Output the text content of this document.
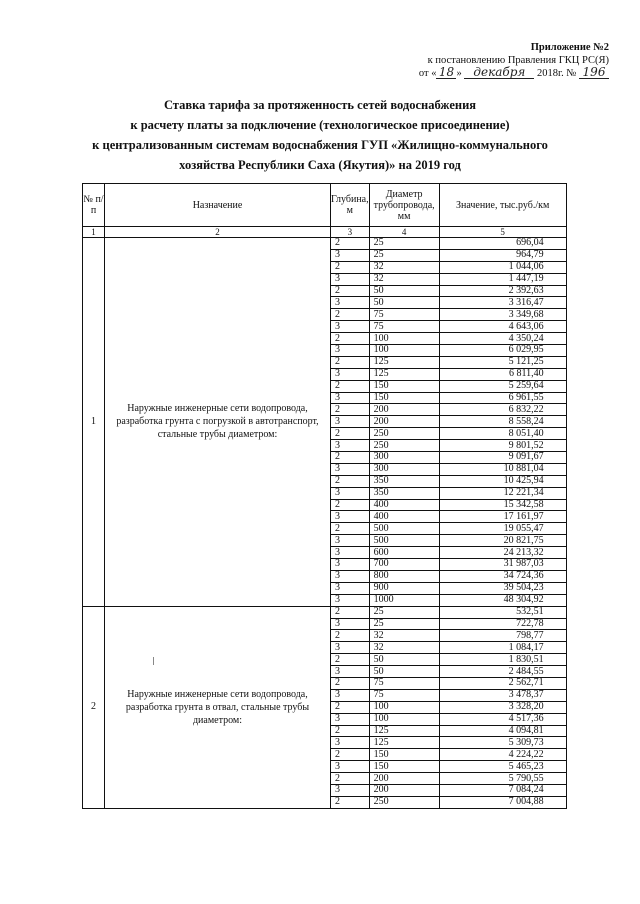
Приложение №2
к постановлению Правления ГКЦ РС(Я)
от « 18 » декабря 2018г. № 196
Ставка тарифа за протяженность сетей водоснабжения
к расчету платы за подключение (технологическое присоединение)
к централизованным системам водоснабжения ГУП «Жилищно-коммунального
хозяйства Республики Саха (Якутия)» на 2019 год
№ п/п	Назначение	Глубина, м	Диаметр трубопровода, мм	Значение, тыс.руб./км
1	2	3	4	5
1	Наружные инженерные сети водопровода, разработка грунта с погрузкой в автотранспорт, стальные трубы диаметром:	2	25	696,04
		3	25	964,79
		2	32	1 044,06
		3	32	1 447,19
		2	50	2 392,63
		3	50	3 316,47
		2	75	3 349,68
		3	75	4 643,06
		2	100	4 350,24
		3	100	6 029,95
		2	125	5 121,25
		3	125	6 811,40
		2	150	5 259,64
		3	150	6 961,55
		2	200	6 832,22
		3	200	8 558,24
		2	250	8 051,40
		3	250	9 801,52
		2	300	9 091,67
		3	300	10 881,04
		2	350	10 425,94
		3	350	12 221,34
		2	400	15 342,58
		3	400	17 161,97
		2	500	19 055,47
		3	500	20 821,75
		3	600	24 213,32
		3	700	31 987,03
		3	800	34 724,36
		3	900	39 504,23
		3	1000	48 304,92
2	Наружные инженерные сети водопровода, разработка грунта в отвал, стальные трубы диаметром:	2	25	532,51
		3	25	722,78
		2	32	798,77
		3	32	1 084,17
		2	50	1 830,51
		3	50	2 484,55
		2	75	2 562,71
		3	75	3 478,37
		2	100	3 328,20
		3	100	4 517,36
		2	125	4 094,81
		3	125	5 309,73
		2	150	4 224,22
		3	150	5 465,23
		2	200	5 790,55
		3	200	7 084,24
		2	250	7 004,88
